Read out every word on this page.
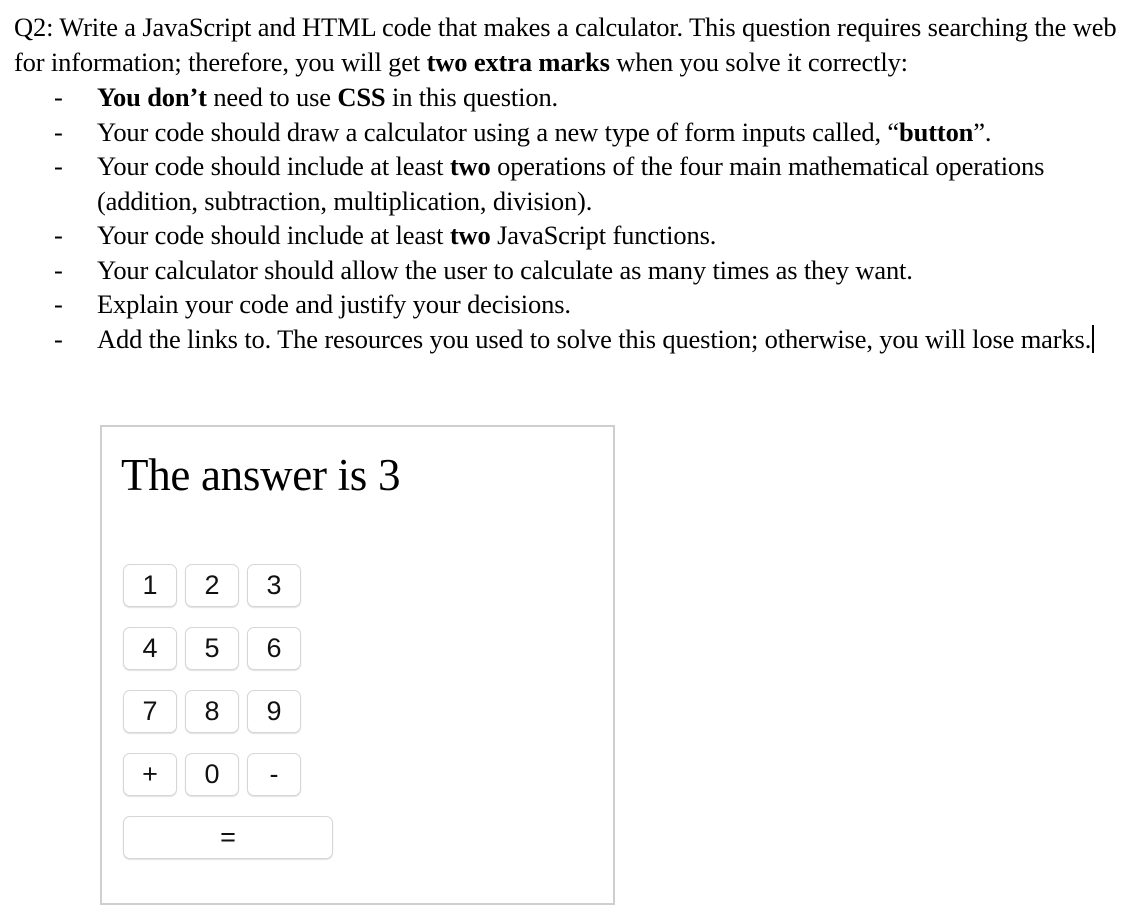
Q2: Write a JavaScript and HTML code that makes a calculator. This question requires searching the web for information; therefore, you will get two extra marks when you solve it correctly:

- You don’t need to use CSS in this question.
- Your code should draw a calculator using a new type of form inputs called, “button”.
- Your code should include at least two operations of the four main mathematical operations (addition, subtraction, multiplication, division).
- Your code should include at least two JavaScript functions.
- Your calculator should allow the user to calculate as many times as they want.
- Explain your code and justify your decisions.
- Add the links to. The resources you used to solve this question; otherwise, you will lose marks.
The answer is 3
1	2	3
4	5	6
7	8	9
+	0	-
=
